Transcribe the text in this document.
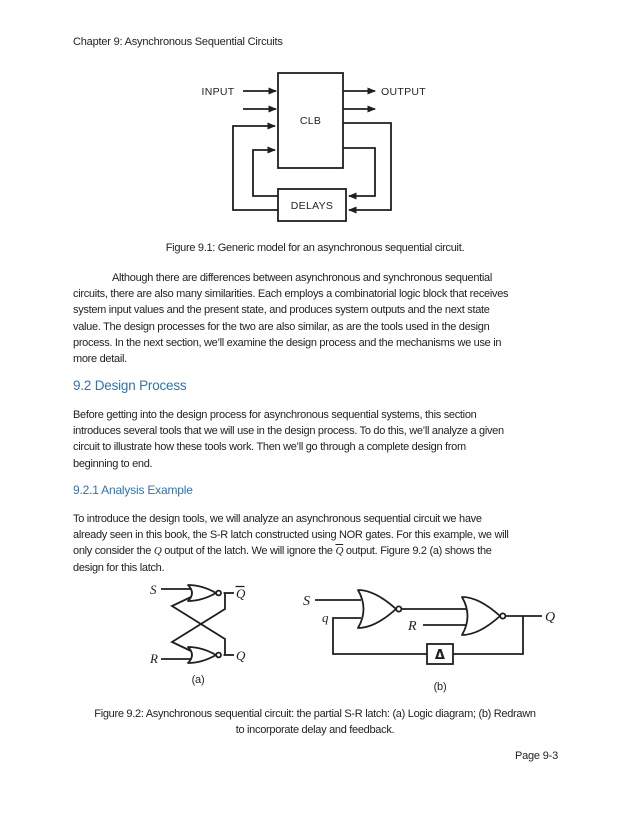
Chapter 9: Asynchronous Sequential Circuits
CLB
DELAYS
INPUT	OUTPUT
Figure 9.1: Generic model for an asynchronous sequential circuit.
Although there are differences between asynchronous and synchronous sequential
circuits, there are also many similarities. Each employs a combinatorial logic block that receives
system input values and the present state, and produces system outputs and the next state
value. The design processes for the two are also similar, as are the tools used in the design
process. In the next section, we’ll examine the design process and the mechanisms we use in
more detail.
9.2 Design Process
Before getting into the design process for asynchronous sequential systems, this section
introduces several tools that we will use in the design process. To do this, we’ll analyze a given
circuit to illustrate how these tools work. Then we’ll go through a complete design from
beginning to end.
9.2.1 Analysis Example
To introduce the design tools, we will analyze an asynchronous sequential circuit we have
already seen in this book, the S-R latch constructed using NOR gates. For this example, we will
only consider the Q output of the latch. We will ignore the $\overline{Q}$ output. Figure 9.2 (a) shows the
design for this latch.
S
R
Q
Q
(a)
Δ
S
q
R
Q
(b)
Figure 9.2: Asynchronous sequential circuit: the partial S-R latch: (a) Logic diagram; (b) Redrawn
to incorporate delay and feedback.
Page 9-3
